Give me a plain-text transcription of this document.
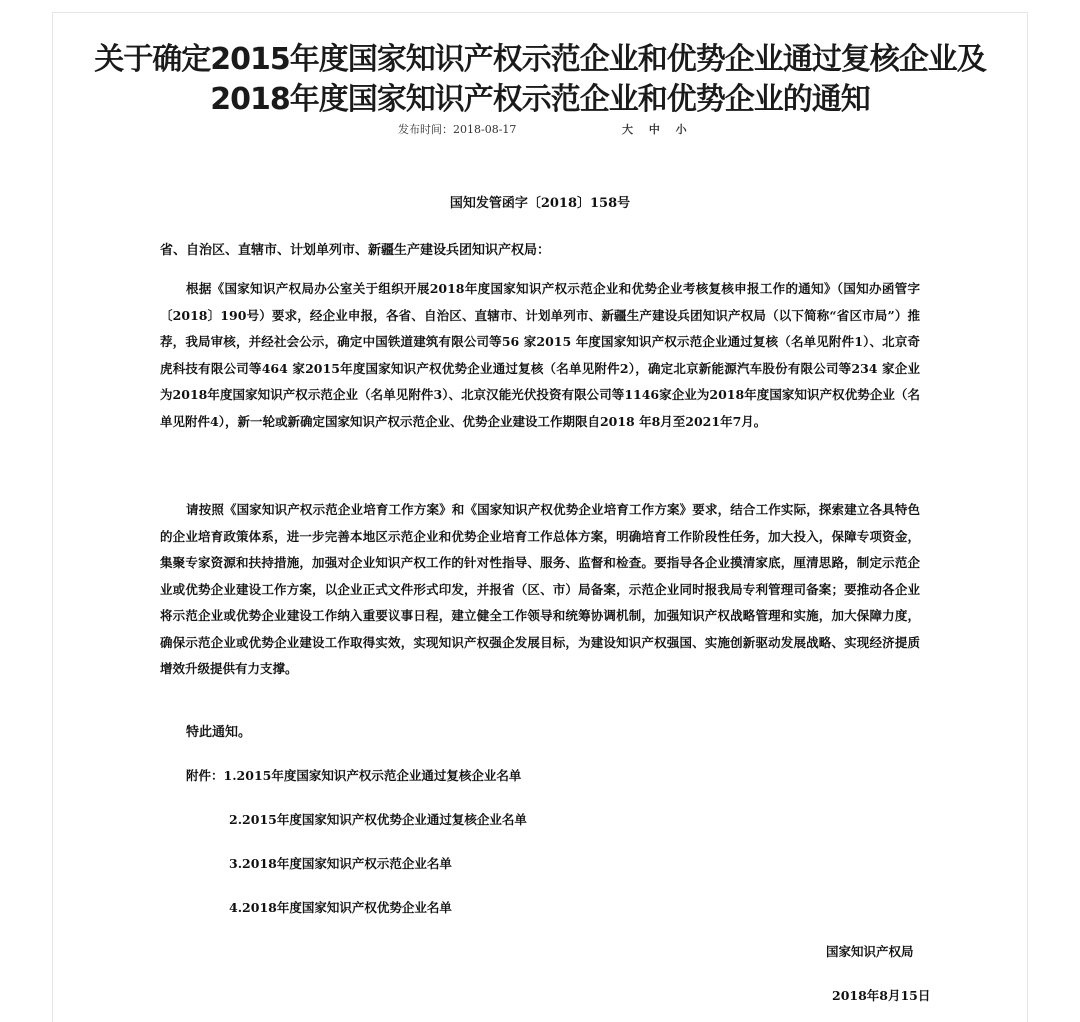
关于确定2015年度国家知识产权示范企业和优势企业通过复核企业及
2018年度国家知识产权示范企业和优势企业的通知
发布时间：2018-08-17	大 中 小
国知发管函字〔2018〕158号
省、自治区、直辖市、计划单列市、新疆生产建设兵团知识产权局：

根据《国家知识产权局办公室关于组织开展2018年度国家知识产权示范企业和优势企业考核复核申报工作的通知》（国知办函管字〔2018〕190号）要求，经企业申报，各省、自治区、直辖市、计划单列市、新疆生产建设兵团知识产权局（以下简称“省区市局”）推荐，我局审核，并经社会公示，确定中国铁道建筑有限公司等56 家2015 年度国家知识产权示范企业通过复核（名单见附件1）、北京奇虎科技有限公司等464 家2015年度国家知识产权优势企业通过复核（名单见附件2），确定北京新能源汽车股份有限公司等234 家企业为2018年度国家知识产权示范企业（名单见附件3）、北京汉能光伏投资有限公司等1146家企业为2018年度国家知识产权优势企业（名单见附件4），新一轮或新确定国家知识产权示范企业、优势企业建设工作期限自2018 年8月至2021年7月。

请按照《国家知识产权示范企业培育工作方案》和《国家知识产权优势企业培育工作方案》要求，结合工作实际，探索建立各具特色的企业培育政策体系，进一步完善本地区示范企业和优势企业培育工作总体方案，明确培育工作阶段性任务，加大投入，保障专项资金，集聚专家资源和扶持措施，加强对企业知识产权工作的针对性指导、服务、监督和检查。要指导各企业摸清家底，厘清思路，制定示范企业或优势企业建设工作方案，以企业正式文件形式印发，并报省（区、市）局备案，示范企业同时报我局专利管理司备案；要推动各企业将示范企业或优势企业建设工作纳入重要议事日程，建立健全工作领导和统筹协调机制，加强知识产权战略管理和实施，加大保障力度，确保示范企业或优势企业建设工作取得实效，实现知识产权强企发展目标，为建设知识产权强国、实施创新驱动发展战略、实现经济提质增效升级提供有力支撑。

特此通知。
附件：1.2015年度国家知识产权示范企业通过复核企业名单
2.2015年度国家知识产权优势企业通过复核企业名单
3.2018年度国家知识产权示范企业名单
4.2018年度国家知识产权优势企业名单
国家知识产权局
2018年8月15日
